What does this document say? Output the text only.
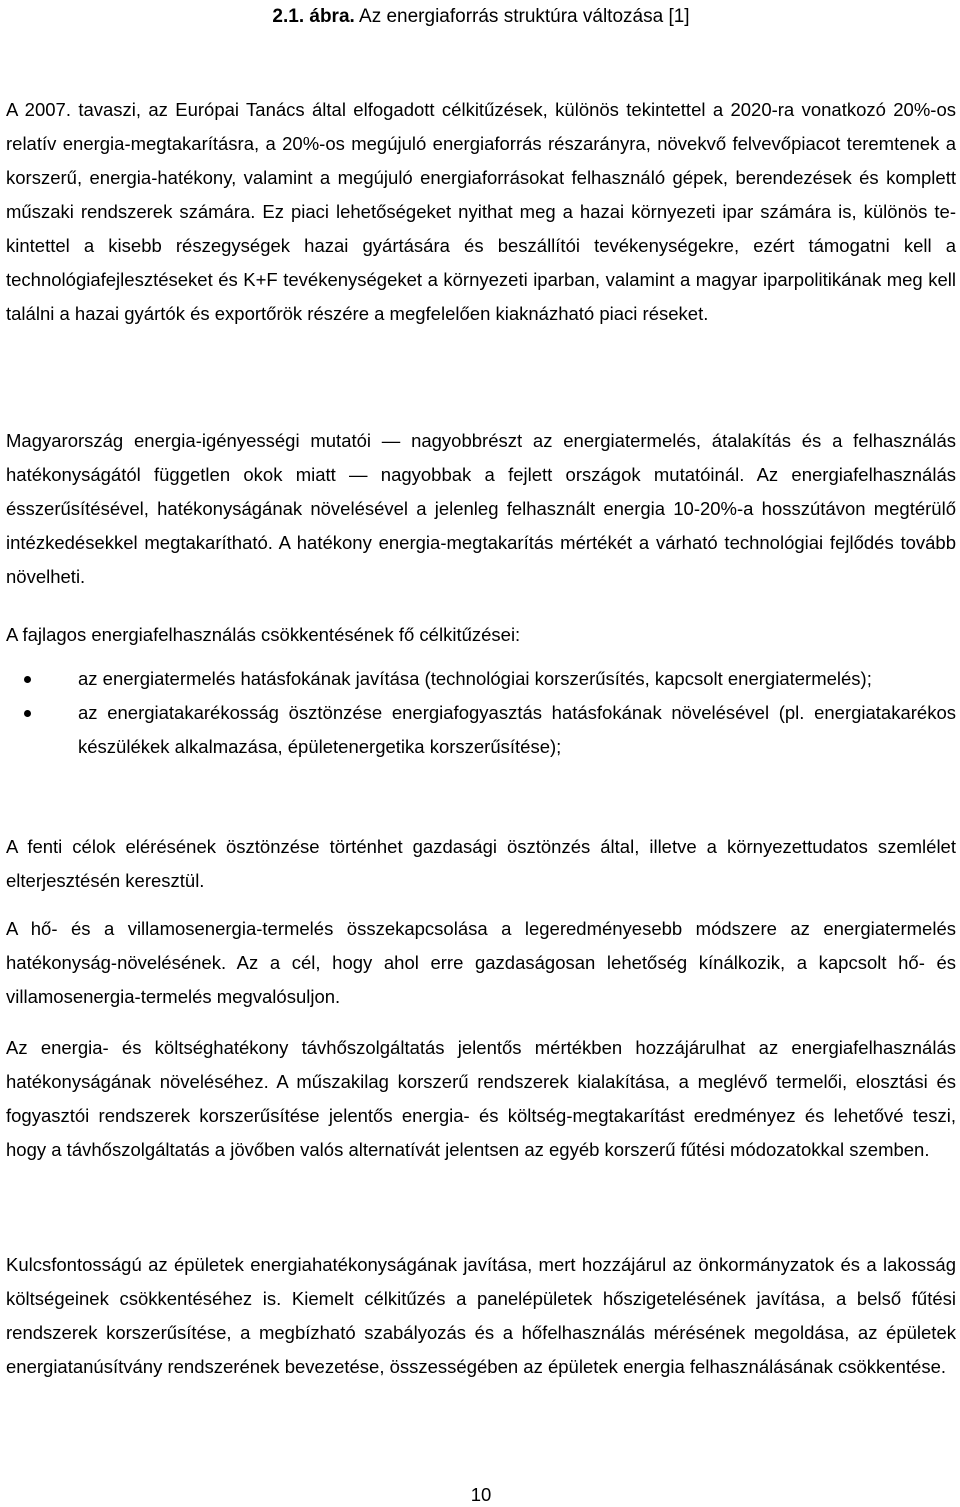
2.1. ábra. Az energiaforrás struktúra változása [1]

A 2007. tavaszi, az Európai Tanács által elfogadott célkitűzések, különös tekintettel a 2020-ra vonatkozó 20%-os relatív energia-megtakarításra, a 20%-os megújuló energiaforrás részarányra, növekvő felvevőpiacot teremtenek a korszerű, energia-hatékony, valamint a megújuló energiaforrásokat felhasználó gépek, berendezések és komplett műszaki rendszerek számára. Ez piaci lehetőségeket nyithat meg a hazai környezeti ipar számára is, különös tekintettel a kisebb részegységek hazai gyártására és beszállítói tevékenységekre, ezért támogatni kell a technológiafejlesztéseket és K+F tevékenységeket a környezeti iparban, valamint a magyar iparpolitikának meg kell találni a hazai gyártók és exportőrök részére a megfelelően kiaknázható piaci réseket.

Magyarország energia-igényességi mutatói — nagyobbrészt az energiatermelés, átalakítás és a felhasználás hatékonyságától független okok miatt — nagyobbak a fejlett országok mutatóinál. Az energiafelhasználás ésszerűsítésével, hatékonyságának növelésével a jelenleg felhasznált energia 10-20%-a hosszútávon megtérülő intézkedésekkel megtakarítható. A hatékony energia-megtakarítás mértékét a várható technológiai fejlődés tovább növelheti.

A fajlagos energiafelhasználás csökkentésének fő célkitűzései:

az energiatermelés hatásfokának javítása (technológiai korszerűsítés, kapcsolt energiatermelés);
az energiatakarékosság ösztönzése energiafogyasztás hatásfokának növelésével (pl. energiatakarékos készülékek alkalmazása, épületenergetika korszerűsítése);

A fenti célok elérésének ösztönzése történhet gazdasági ösztönzés által, illetve a környezettudatos szemlélet elterjesztésén keresztül.

A hő- és a villamosenergia-termelés összekapcsolása a legeredményesebb módszere az energiatermelés hatékonyság-növelésének. Az a cél, hogy ahol erre gazdaságosan lehetőség kínálkozik, a kapcsolt hő- és villamosenergia-termelés megvalósuljon.

Az energia- és költséghatékony távhőszolgáltatás jelentős mértékben hozzájárulhat az energiafelhasználás hatékonyságának növeléséhez. A műszakilag korszerű rendszerek kialakítása, a meglévő termelői, elosztási és fogyasztói rendszerek korszerűsítése jelentős energia- és költség-megtakarítást eredményez és lehetővé teszi, hogy a távhőszolgáltatás a jövőben valós alternatívát jelentsen az egyéb korszerű fűtési módozatokkal szemben.

Kulcsfontosságú az épületek energiahatékonyságának javítása, mert hozzájárul az önkormányzatok és a lakosság költségeinek csökkentéséhez is. Kiemelt célkitűzés a panelépületek hőszigetelésének javítása, a belső fűtési rendszerek korszerűsítése, a megbízható szabályozás és a hőfelhasználás mérésének megoldása, az épületek energiatanúsítvány rendszerének bevezetése, összességében az épületek energia felhasználásának csökkentése.

10
